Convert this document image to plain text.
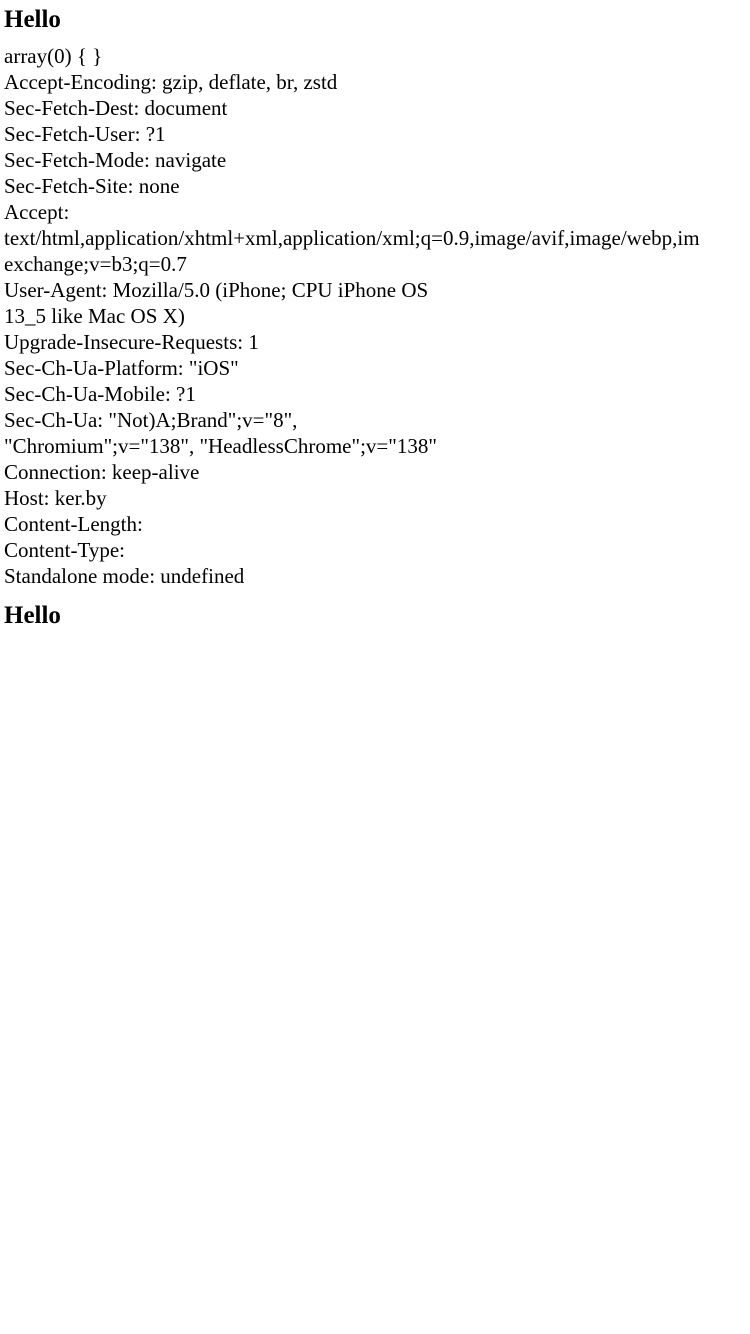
Hello
array(0) { }
Accept-Encoding: gzip, deflate, br, zstd
Sec-Fetch-Dest: document
Sec-Fetch-User: ?1
Sec-Fetch-Mode: navigate
Sec-Fetch-Site: none
Accept:
text/html,application/xhtml+xml,application/xml;q=0.9,image/avif,image/webp,im
exchange;v=b3;q=0.7
User-Agent: Mozilla/5.0 (iPhone; CPU iPhone OS
13_5 like Mac OS X)
Upgrade-Insecure-Requests: 1
Sec-Ch-Ua-Platform: "iOS"
Sec-Ch-Ua-Mobile: ?1
Sec-Ch-Ua: "Not)A;Brand";v="8",
"Chromium";v="138", "HeadlessChrome";v="138"
Connection: keep-alive
Host: ker.by
Content-Length:
Content-Type:
Standalone mode: undefined
Hello
